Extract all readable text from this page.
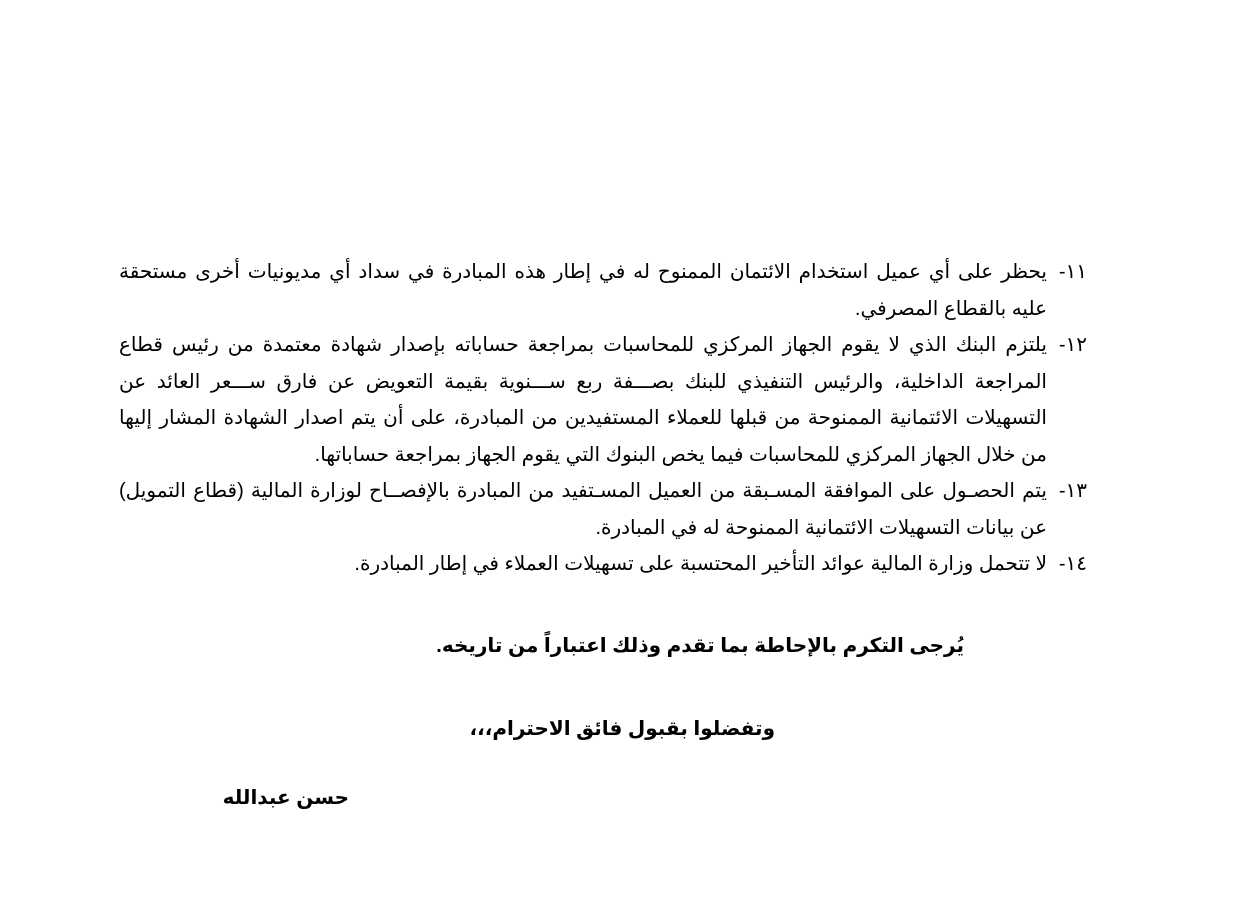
١١-
يحظر على أي عميل استخدام الائتمان الممنوح له في إطار هذه المبادرة في سداد أي مديونيات أخرى مستحقة عليه بالقطاع المصرفي.
١٢-
يلتزم البنك الذي لا يقوم الجهاز المركزي للمحاسبات بمراجعة حساباته بإصدار شهادة معتمدة من رئيس قطاع المراجعة الداخلية، والرئيس التنفيذي للبنك بصـــفة ربع ســـنوية بقيمة التعويض عن فارق ســـعر العائد عن التسهيلات الائتمانية الممنوحة من قبلها للعملاء المستفيدين من المبادرة، على أن يتم اصدار الشهادة المشار إليها من خلال الجهاز المركزي للمحاسبات فيما يخص البنوك التي يقوم الجهاز بمراجعة حساباتها.
١٣-
يتم الحصـول على الموافقة المسـبقة من العميل المسـتفيد من المبادرة بالإفصــاح لوزارة المالية (قطاع التمويل) عن بيانات التسهيلات الائتمانية الممنوحة له في المبادرة.
١٤-
لا تتحمل وزارة المالية عوائد التأخير المحتسبة على تسهيلات العملاء في إطار المبادرة.
يُرجى التكرم بالإحاطة بما تقدم وذلك اعتباراً من تاريخه.
وتفضلوا بقبول فائق الاحترام،،،
حسن عبدالله
